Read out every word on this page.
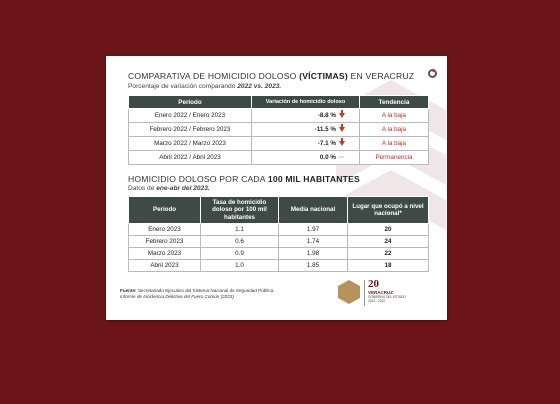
COMPARATIVA DE HOMICIDIO DOLOSO (VÍCTIMAS) EN VERACRUZ
Porcentaje de variación comparando 2022 vs. 2023.
Periodo	Variación de homicidio doloso	Tendencia
Enero 2022 / Enero 2023	-8.8 %	A la baja
Febrero 2022 / Febrero 2023	-11.5 %	A la baja
Marzo 2022 / Marzo 2023	-7.1 %	A la baja
Abril 2022 / Abril 2023	0.0 % ⇔	Permanencia
HOMICIDIO DOLOSO POR CADA 100 MIL HABITANTES
Datos de ene-abr del 2023.
Periodo	Tasa de homicidio doloso por 100 mil habitantes	Media nacional	Lugar que ocupó a nivel nacional*
Enero 2023	1.1	1.97	20
Febrero 2023	0.6	1.74	24
Marzo 2023	0.9	1.98	22
Abril 2023	1.0	1.85	18
Fuente: Secretariado Ejecutivo del Sistema Nacional de Seguridad Pública.
Informe de Incidencia Delictiva del Fuero Común (2023)
20
VERACRUZ
GOBIERNO DEL ESTADO
2023 - 2022
